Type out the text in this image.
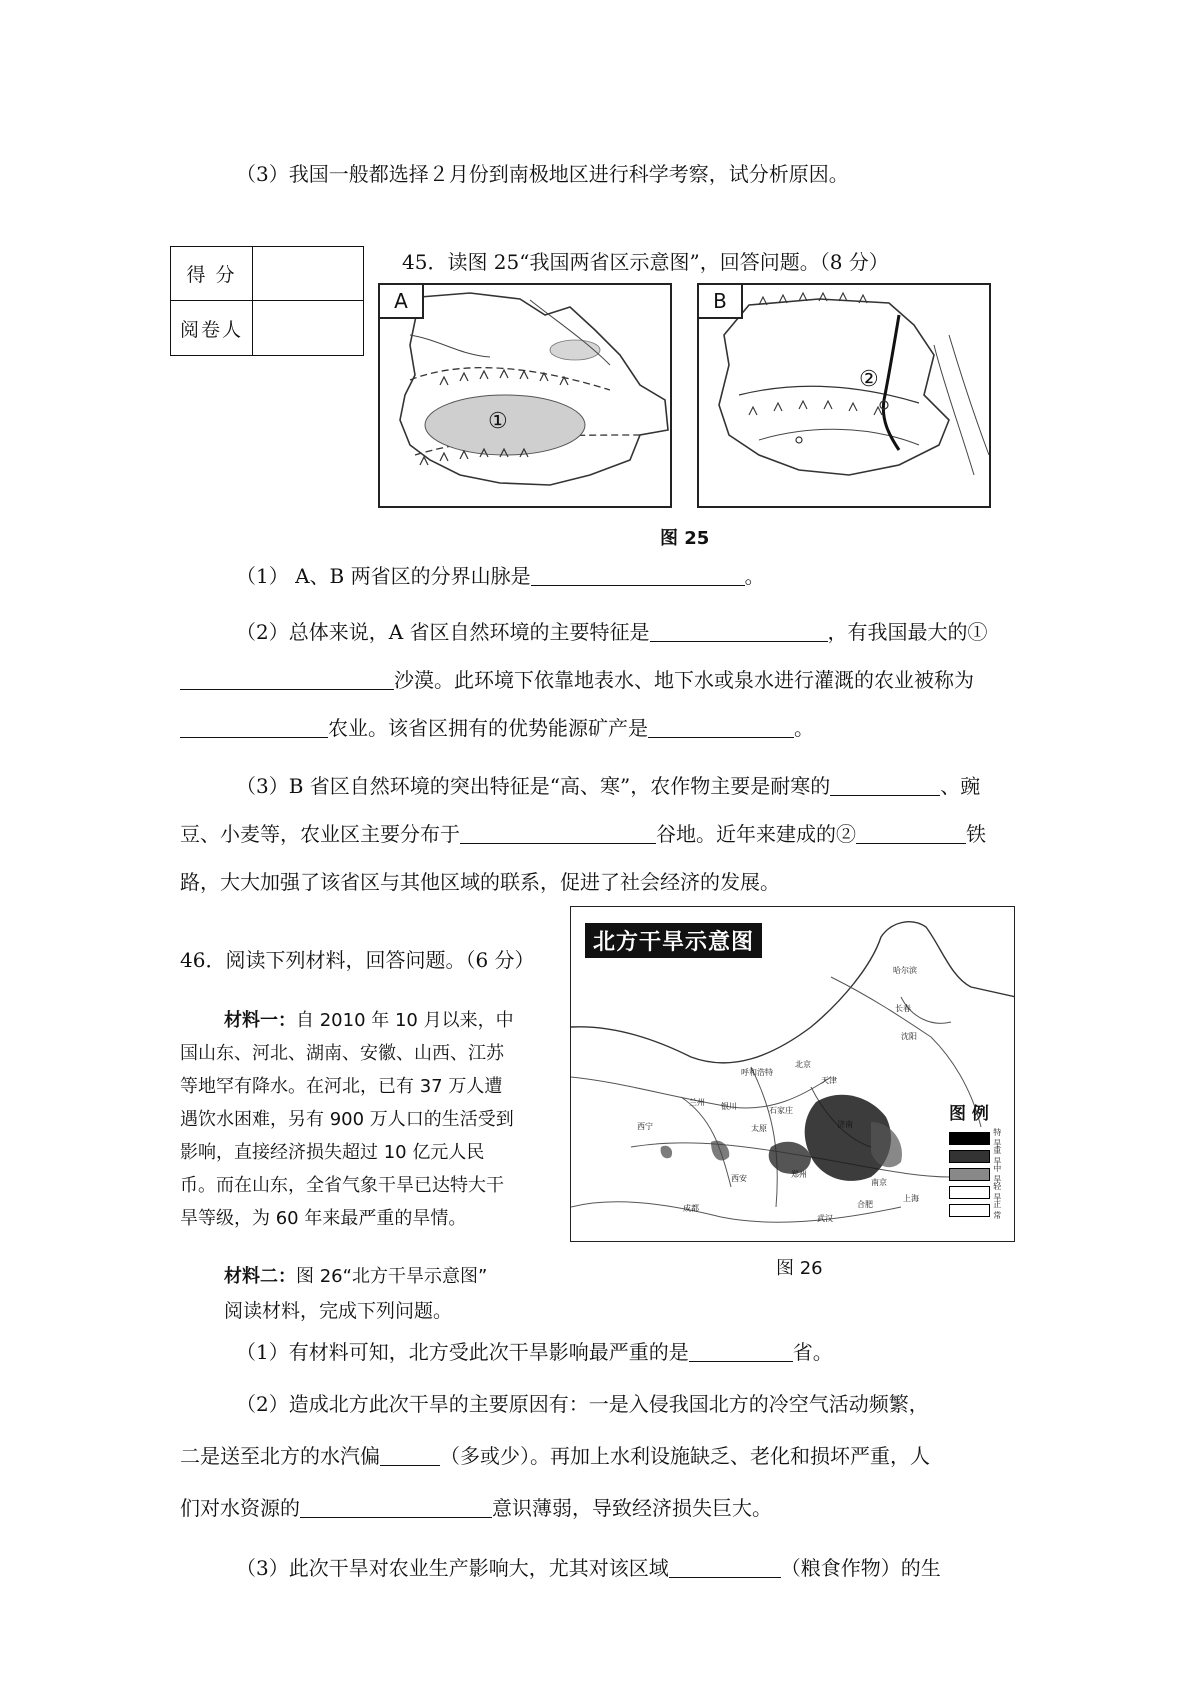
（3）我国一般都选择２月份到南极地区进行科学考察，试分析原因。
得 分
阅卷人
45．读图 25“我国两省区示意图”，回答问题。（8 分）
A
①
B
②
图 25
（1） A、B 两省区的分界山脉是	。
（2）总体来说，A 省区自然环境的主要特征是	，有我国最大的①
沙漠。此环境下依靠地表水、地下水或泉水进行灌溉的农业被称为
农业。该省区拥有的优势能源矿产是	。
（3）B 省区自然环境的突出特征是“高、寒”，农作物主要是耐寒的	、豌
豆、小麦等，农业区主要分布于	谷地。近年来建成的②	铁
路，大大加强了该省区与其他区域的联系，促进了社会经济的发展。
46．阅读下列材料，回答问题。（6 分）
材料一：自 2010 年 10 月以来，中国山东、河北、湖南、安徽、山西、江苏等地罕有降水。在河北，已有 37 万人遭遇饮水困难，另有 900 万人口的生活受到影响，直接经济损失超过 10 亿元人民币。而在山东，全省气象干旱已达特大干旱等级，为 60 年来最严重的旱情。
材料二：图 26“北方干旱示意图”
北方干旱示意图
哈尔滨
长春
沈阳
呼和浩特
北京
天津
石家庄
太原	济南
西宁
兰州 银川
郑州
南京
上海
合肥
成都
西安
武汉
图 例
特旱
重旱
中旱
轻旱
正常
图 26
阅读材料，完成下列问题。
（1）有材料可知，北方受此次干旱影响最严重的是	省。
（2）造成北方此次干旱的主要原因有：一是入侵我国北方的冷空气活动频繁，
二是送至北方的水汽偏	（多或少）。再加上水利设施缺乏、老化和损坏严重，人
们对水资源的	意识薄弱，导致经济损失巨大。
（3）此次干旱对农业生产影响大，尤其对该区域	（粮食作物）的生
